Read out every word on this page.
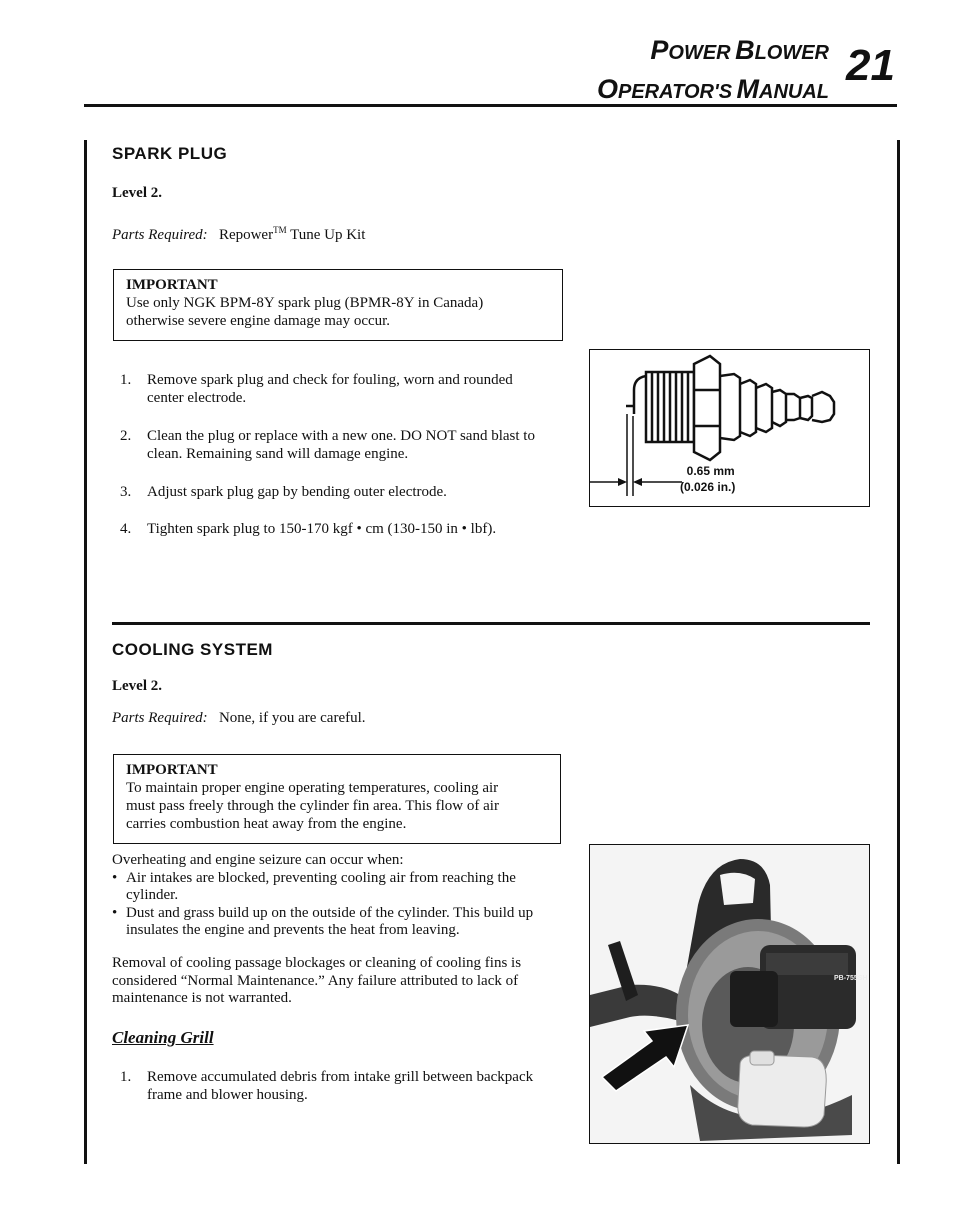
POWER BLOWER
OPERATOR'S MANUAL
21
SPARK PLUG

Level 2.

Parts Required: Repower™ Tune Up Kit

IMPORTANT
Use only NGK BPM-8Y spark plug (BPMR-8Y in Canada)
otherwise severe engine damage may occur.
1. Remove spark plug and check for fouling, worn and rounded
center electrode.
2. Clean the plug or replace with a new one. DO NOT sand blast to
clean. Remaining sand will damage engine.
3. Adjust spark plug gap by bending outer electrode.
4. Tighten spark plug to 150-170 kgf • cm (130-150 in • lbf).
0.65 mm
(0.026 in.)
COOLING SYSTEM

Level 2.

Parts Required: None, if you are careful.

IMPORTANT
To maintain proper engine operating temperatures, cooling air
must pass freely through the cylinder fin area. This flow of air
carries combustion heat away from the engine.
Overheating and engine seizure can occur when:
• Air intakes are blocked, preventing cooling air from reaching the
cylinder.
• Dust and grass build up on the outside of the cylinder. This build up
insulates the engine and prevents the heat from leaving.
Removal of cooling passage blockages or cleaning of cooling fins is
considered “Normal Maintenance.” Any failure attributed to lack of
maintenance is not warranted.
Cleaning Grill
1. Remove accumulated debris from intake grill between backpack
frame and blower housing.
PB-755SH
